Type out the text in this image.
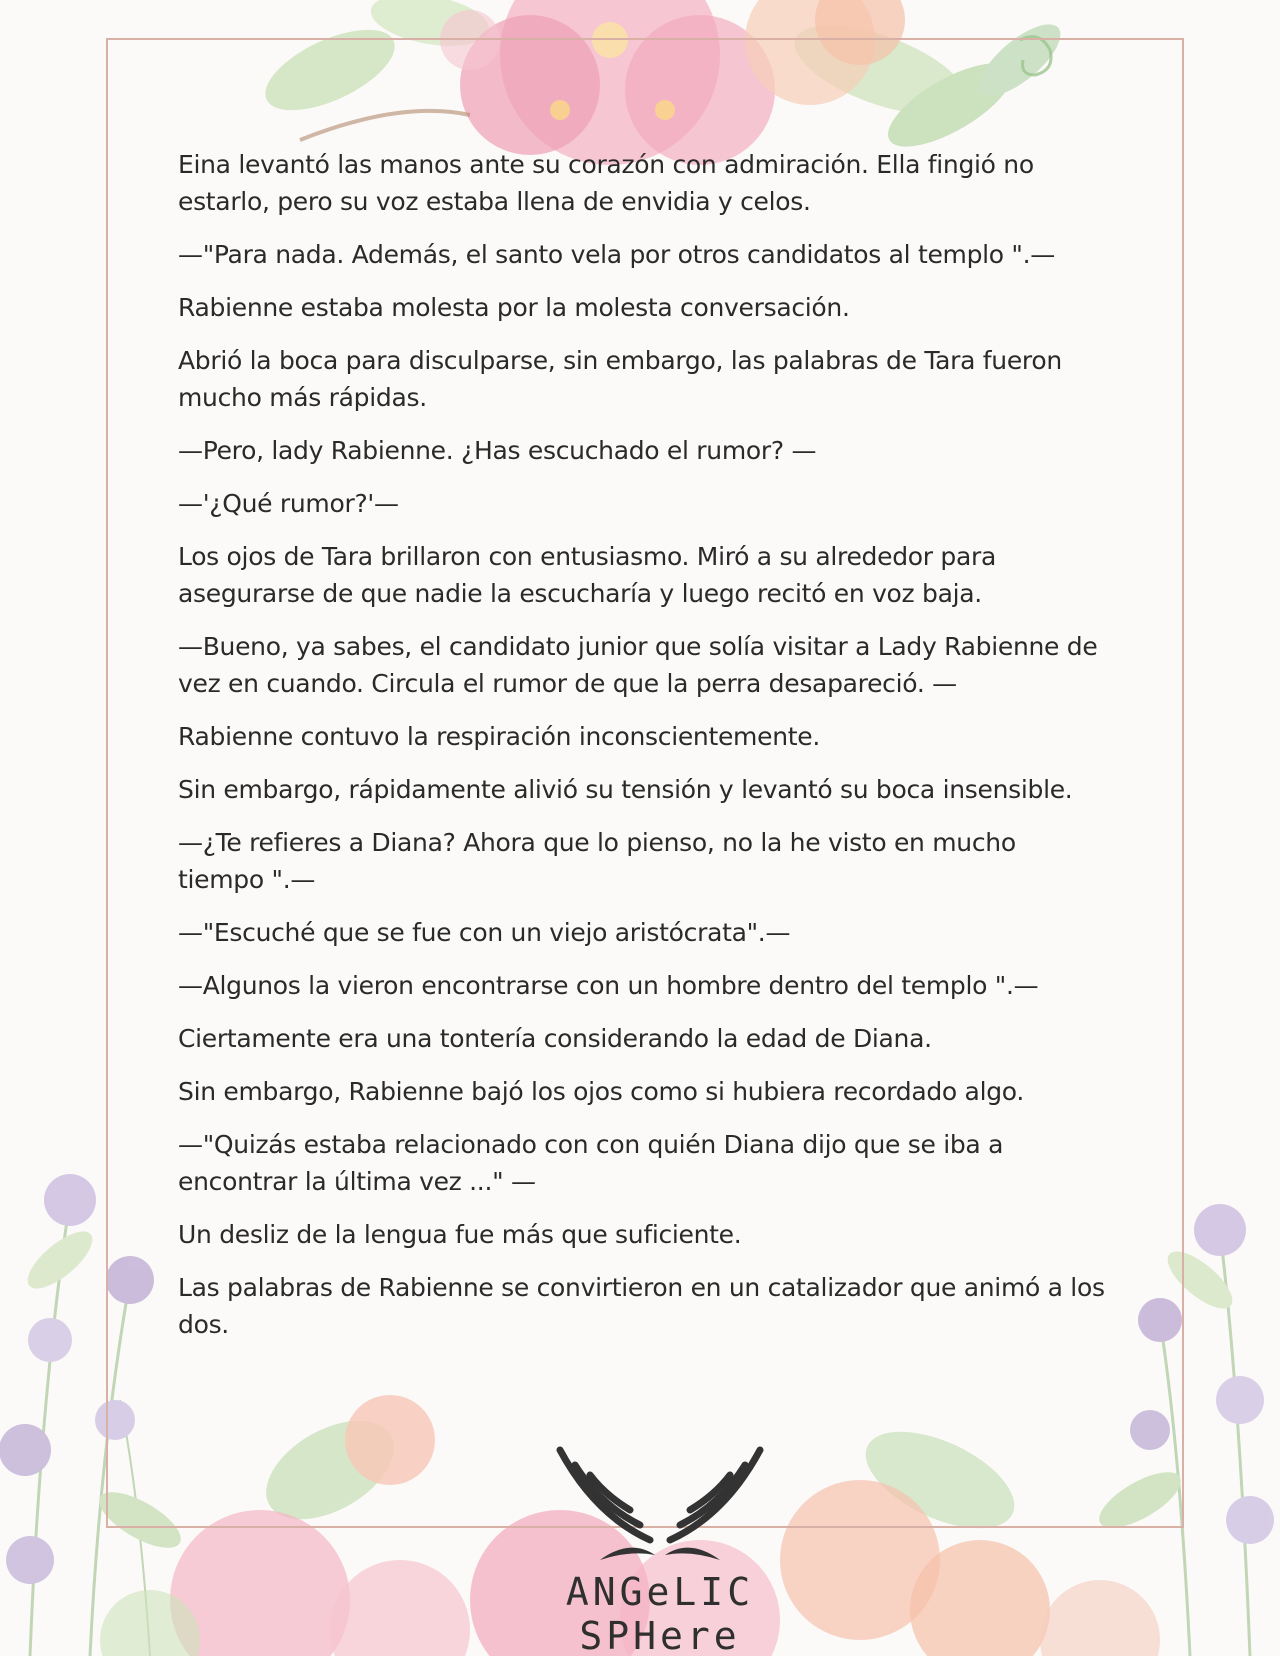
Eina levantó las manos ante su corazón con admiración. Ella fingió no estarlo, pero su voz estaba llena de envidia y celos.

—"Para nada. Además, el santo vela por otros candidatos al templo ".—

Rabienne estaba molesta por la molesta conversación.

Abrió la boca para disculparse, sin embargo, las palabras de Tara fueron mucho más rápidas.

—Pero, lady Rabienne. ¿Has escuchado el rumor? —

—'¿Qué rumor?'—

Los ojos de Tara brillaron con entusiasmo. Miró a su alrededor para asegurarse de que nadie la escucharía y luego recitó en voz baja.

—Bueno, ya sabes, el candidato junior que solía visitar a Lady Rabienne de vez en cuando. Circula el rumor de que la perra desapareció. —

Rabienne contuvo la respiración inconscientemente.

Sin embargo, rápidamente alivió su tensión y levantó su boca insensible.

—¿Te refieres a Diana? Ahora que lo pienso, no la he visto en mucho tiempo ".—

—"Escuché que se fue con un viejo aristócrata".—

—Algunos la vieron encontrarse con un hombre dentro del templo ".—

Ciertamente era una tontería considerando la edad de Diana.

Sin embargo, Rabienne bajó los ojos como si hubiera recordado algo.

—"Quizás estaba relacionado con con quién Diana dijo que se iba a encontrar la última vez ..." —

Un desliz de la lengua fue más que suficiente.

Las palabras de Rabienne se convirtieron en un catalizador que animó a los dos.

ANGeLIC SPHere
